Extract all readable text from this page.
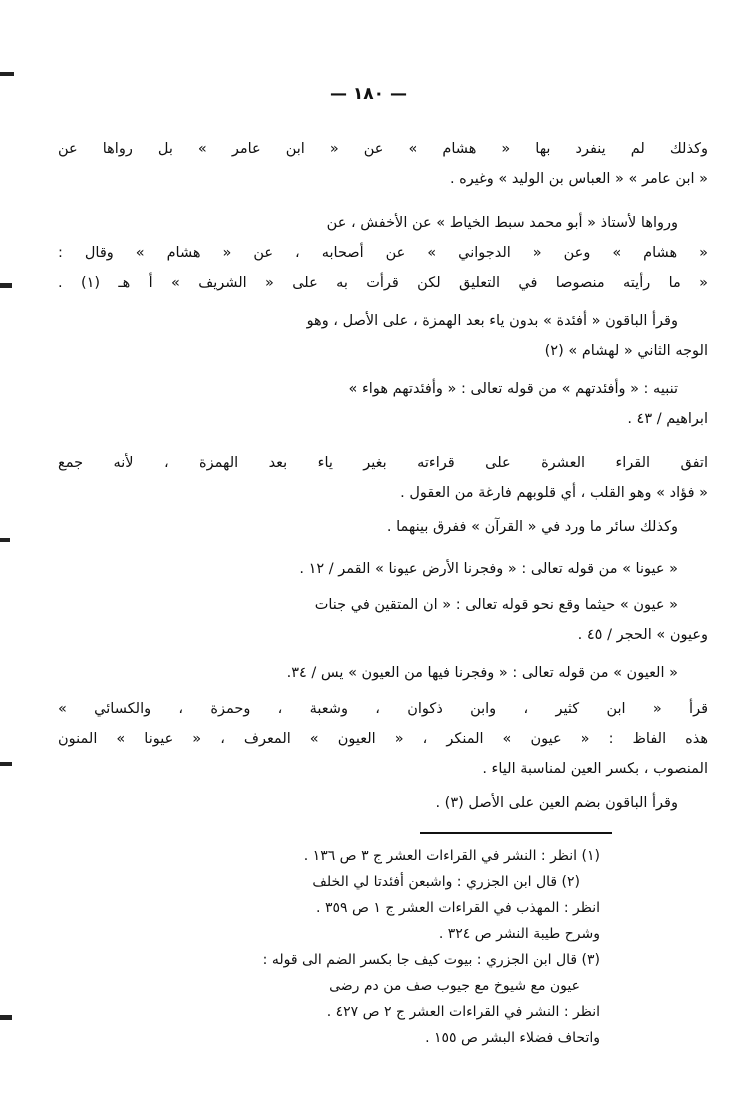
— ١٨٠ —
وكذلك لم ينفرد بها « هشام » عن « ابن عامر » بل رواها عن
« ابن عامر » « العباس بن الوليد » وغيره .
ورواها لأستاذ « أبو محمد سبط الخياط » عن الأخفش ، عن
« هشام » وعن « الدجواني » عن أصحابه ، عن « هشام » وقال :
« ما رأيته منصوصا في التعليق لكن قرأت به على « الشريف » أ هـ (١) .
وقرأ الباقون « أفئدة » بدون ياء بعد الهمزة ، على الأصل ، وهو
الوجه الثاني « لهشام » (٢)
تنبيه : « وأفئدتهم » من قوله تعالى : « وأفئدتهم هواء »
ابراهيم / ٤٣ .
اتفق القراء العشرة على قراءته بغير ياء بعد الهمزة ، لأنه جمع
« فؤاد » وهو القلب ، أي قلوبهم فارغة من العقول .
وكذلك سائر ما ورد في « القرآن » ففرق بينهما .
« عيونا » من قوله تعالى : « وفجرنا الأرض عيونا » القمر / ١٢ .
« عيون » حيثما وقع نحو قوله تعالى : « ان المتقين في جنات
وعيون » الحجر / ٤٥ .
« العيون » من قوله تعالى : « وفجرنا فيها من العيون » يس / ٣٤.
قرأ « ابن كثير ، وابن ذكوان ، وشعبة ، وحمزة ، والكسائي »
هذه الفاظ : « عيون » المنكر ، « العيون » المعرف ، « عيونا » المنون
المنصوب ، بكسر العين لمناسبة الياء .
وقرأ الباقون بضم العين على الأصل (٣) .
(١) انظر : النشر في القراءات العشر ج ٣ ص ١٣٦ .
(٢) قال ابن الجزري : واشبعن أفئدتا لي الخلف
انظر : المهذب في القراءات العشر ج ١ ص ٣٥٩ .
وشرح طيبة النشر ص ٣٢٤ .
(٣) قال ابن الجزري : بيوت كيف جا بكسر الضم الى قوله :
عيون مع شيوخ مع جيوب صف من دم رضى
انظر : النشر في القراءات العشر ج ٢ ص ٤٢٧ .
واتحاف فضلاء البشر ص ١٥٥ .
